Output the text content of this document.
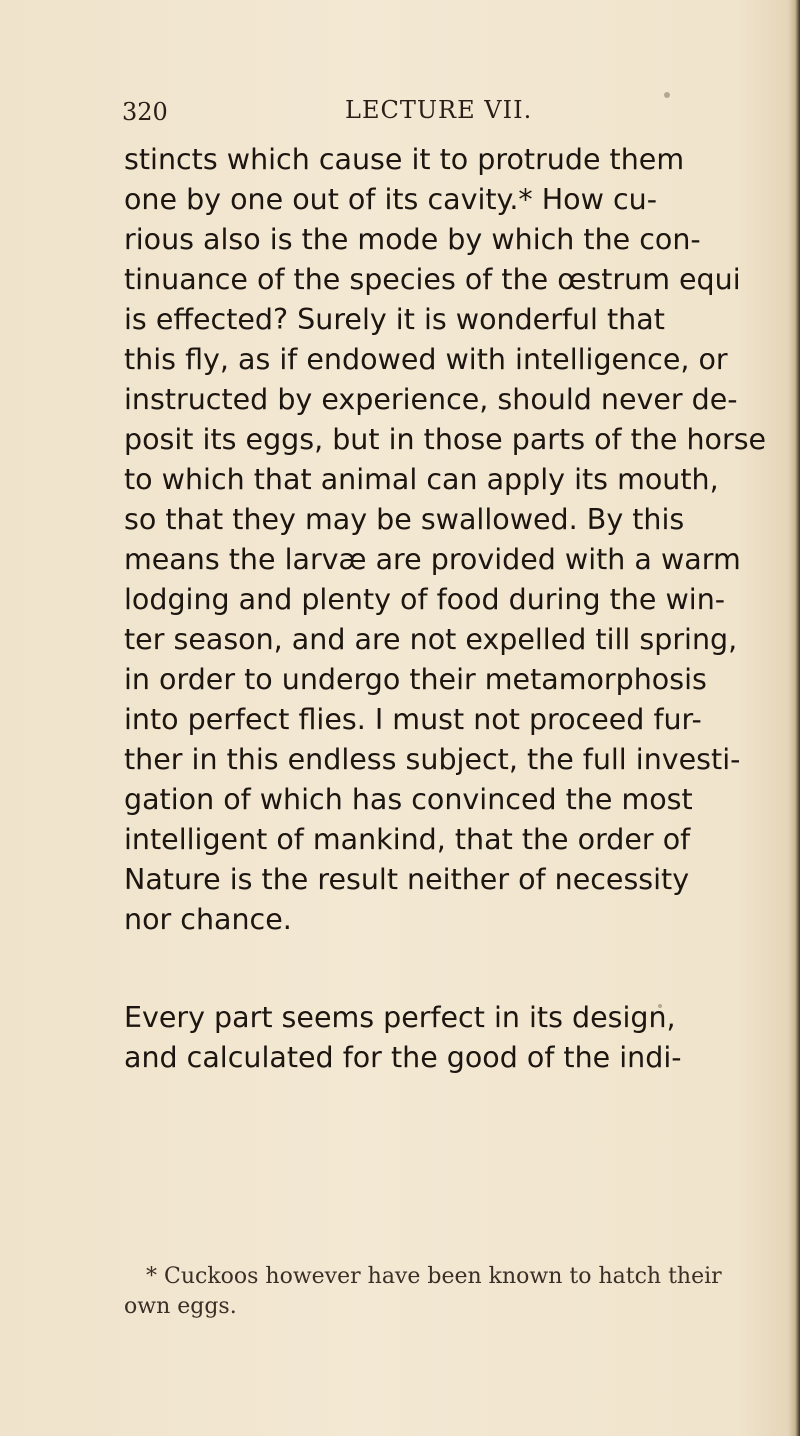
320	LECTURE VII.
stincts which cause it to protrude them
one by one out of its cavity.* How cu-
rious also is the mode by which the con-
tinuance of the species of the œstrum equi
is effected? Surely it is wonderful that
this fly, as if endowed with intelligence, or
instructed by experience, should never de-
posit its eggs, but in those parts of the horse
to which that animal can apply its mouth,
so that they may be swallowed. By this
means the larvæ are provided with a warm
lodging and plenty of food during the win-
ter season, and are not expelled till spring,
in order to undergo their metamorphosis
into perfect flies. I must not proceed fur-
ther in this endless subject, the full investi-
gation of which has convinced the most
intelligent of mankind, that the order of
Nature is the result neither of necessity
nor chance.
Every part seems perfect in its design,
and calculated for the good of the indi-
* Cuckoos however have been known to hatch their
own eggs.
